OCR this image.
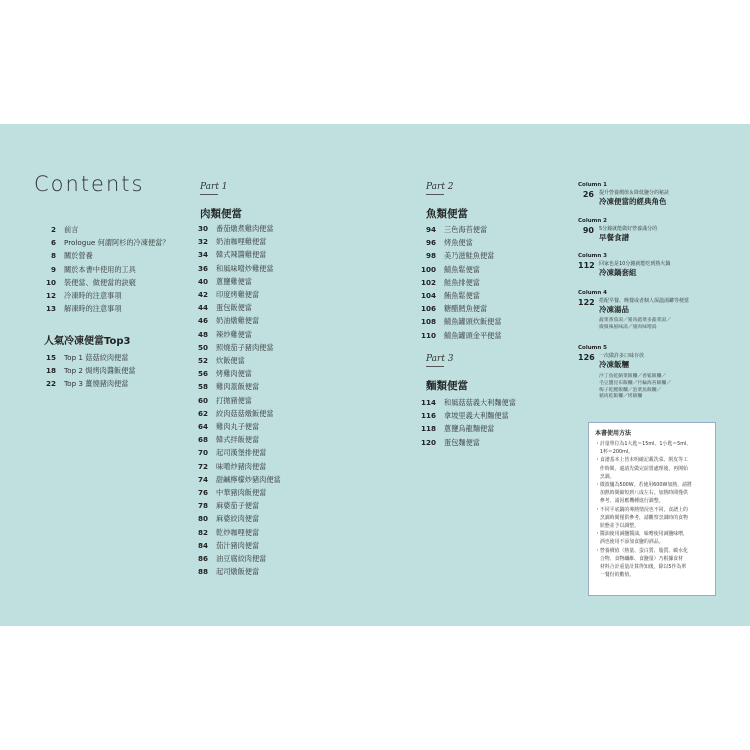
Contents
2 前言
6 Prologue 何謂阿杉的冷凍便當？
8 關於營養
9 關於本書中使用的工具
10 裝便當、做便當的訣竅
12 冷凍時的注意事項
13 解凍時的注意事項
人氣冷凍便當Top3
15 Top 1 菇菇絞肉便當
18 Top 2 焗烤肉醬飯便當
22 Top 3 薑燒豬肉便當
Part 1
肉類便當
30 番茄燉煮雞肉便當
32 奶油咖哩雞便當
34 韓式辣醬雞便當
36 和風味噌炒雞便當
40 蔥鹽雞便當
42 印度烤雞便當
44 蛋包飯便當
46 奶油燉雞便當
48 辣炒雞便當
50 照燒茄子豬肉便當
52 炊飯便當
56 烤雞肉便當
58 雞肉蓋飯便當
60 打拋豬便當
62 絞肉菇菇燉飯便當
64 雞肉丸子便當
68 韓式拌飯便當
70 起司漢堡排便當
72 味噌炒豬肉便當
74 甜鹹檸檬炒豬肉便當
76 中華豬肉飯便當
78 麻婆茄子便當
80 麻婆絞肉便當
82 乾炒咖哩便當
84 茄汁豬肉便當
86 油豆腐絞肉便當
88 起司燉飯便當
Part 2
魚類便當
94 三色海苔便當
96 烤魚便當
98 美乃滋鮭魚便當
100 鯖魚鬆便當
102 鮭魚排便當
104 鮪魚鬆便當
106 糖醋鱈魚便當
108 鯖魚罐頭炊飯便當
110 鯖魚罐頭金平便當
Part 3
麵類便當
114 和風菇菇義大利麵便當
116 拿坡里義大利麵便當
118 蔥鹽烏龍麵便當
120 蛋包麵便當
Column 1
26 提升營養價值＆降低鹽分的秘訣
冷凍便當的經典角色
Column 2
90 5分鐘就能做好營養滿分的
早餐食譜
Column 3
112 回家也是10分鐘就能吃到熱火鍋
冷凍鍋套組
Column 4
122 搭配早餐、晚餐或者個人保溫湯罐等便當
冷凍湯品
蔬菜番茄湯／豬肉蔬菜多蔬菜湯／
微微辣風味湯／豬肉味噌湯
Column 5
126 一次做許多口味存放
冷凍飯糰
沙丁魚乾鯖菜飯糰／香鬆飯糰／
毛豆鹽昆布飯糰／竹輪海苔飯糰／
梅子乾鰹飯糰／泡菜魚飯糰／
豬肉乾飯糰／烤飯糰
本書使用方法
・計量單位為1大匙＝15ml、1小匙＝5ml、
　1杯＝200ml。
・食譜基本上皆未明確記載洗菜、削皮等工
　作時間，還請先做完前置處理後，再開始
　烹調。
・微波爐為500W。若使用600W加熱，請將
　加熱時間縮短到八成左右。加熱時間僅供
　參考，請因應機種進行調整。
・不同平底鍋的導熱情況也不同，食譜上的
　烹調時間僅供參考，請觀察烹調時的食物
　狀態並予以調整。
・醬油使用減鹽醬油，味噌使用減鹽味噌，
　酒也使用不添加食鹽的酒品。
・營養價值（熱量、蛋白質、脂質、碳水化
　合物、食物纖維、食鹽量）乃根據食材
　材料合計重量計算得知後，除以5作為單
　一餐份的數值。
